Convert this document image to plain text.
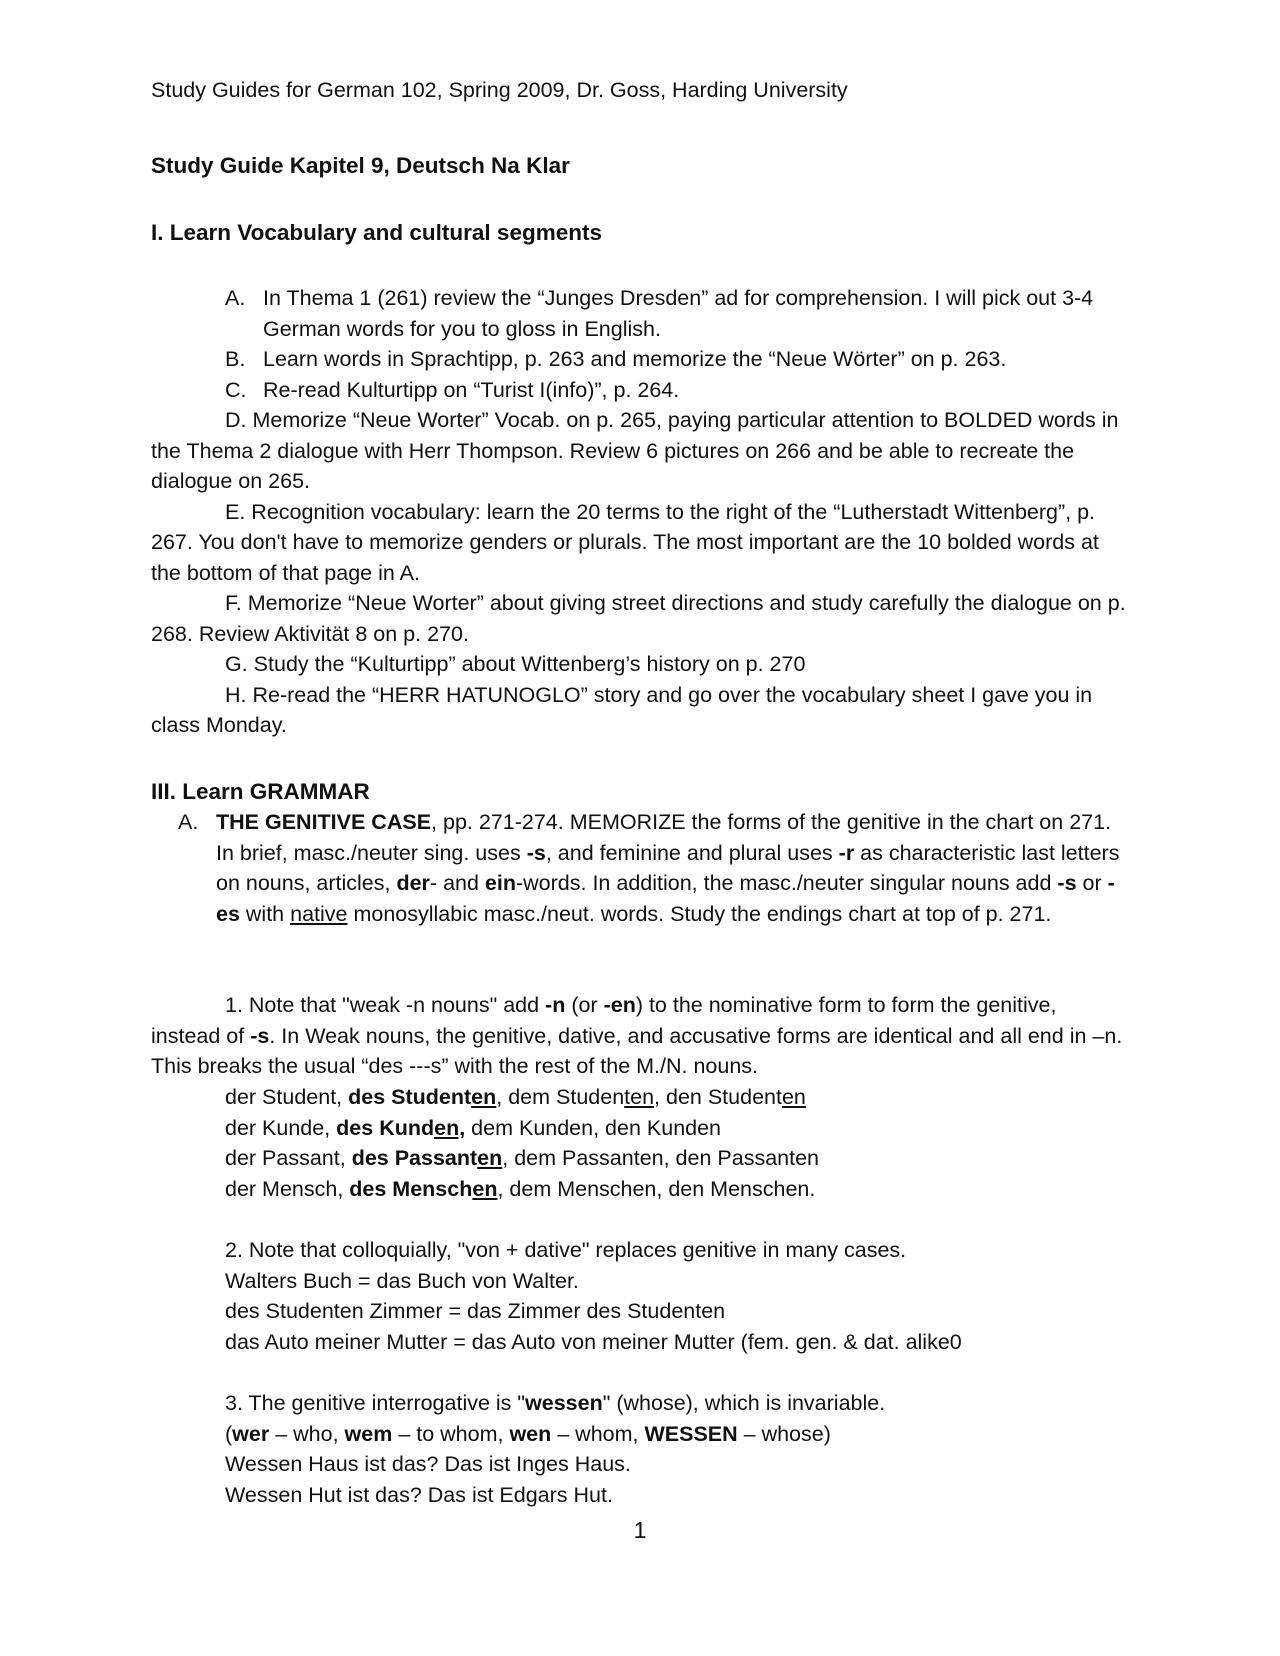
Study Guides for German 102, Spring 2009, Dr. Goss, Harding University

Study Guide Kapitel 9, Deutsch Na Klar

I. Learn Vocabulary and cultural segments

A. In Thema 1 (261) review the “Junges Dresden” ad for comprehension. I will pick out 3-4 German words for you to gloss in English.

B. Learn words in Sprachtipp, p. 263 and memorize the “Neue Wörter” on p. 263.

C. Re-read Kulturtipp on “Turist I(info)”, p. 264.

D. Memorize “Neue Worter” Vocab. on p. 265, paying particular attention to BOLDED words in the Thema 2 dialogue with Herr Thompson. Review 6 pictures on 266 and be able to recreate the dialogue on 265.

E. Recognition vocabulary: learn the 20 terms to the right of the “Lutherstadt Wittenberg”, p. 267. You don't have to memorize genders or plurals. The most important are the 10 bolded words at the bottom of that page in A.

F. Memorize “Neue Worter” about giving street directions and study carefully the dialogue on p. 268. Review Aktivität 8 on p. 270.

G. Study the “Kulturtipp” about Wittenberg’s history on p. 270

H. Re-read the “HERR HATUNOGLO” story and go over the vocabulary sheet I gave you in class Monday.

III. Learn GRAMMAR

A. THE GENITIVE CASE, pp. 271-274. MEMORIZE the forms of the genitive in the chart on 271. In brief, masc./neuter sing. uses -s, and feminine and plural uses -r as characteristic last letters on nouns, articles, der- and ein-words. In addition, the masc./neuter singular nouns add -s or -es with native monosyllabic masc./neut. words. Study the endings chart at top of p. 271.

1. Note that "weak -n nouns" add -n (or -en) to the nominative form to form the genitive, instead of -s. In Weak nouns, the genitive, dative, and accusative forms are identical and all end in –n. This breaks the usual “des ---s” with the rest of the M./N. nouns.

der Student, des Studenten, dem Studenten, den Studenten

der Kunde, des Kunden, dem Kunden, den Kunden

der Passant, des Passanten, dem Passanten, den Passanten

der Mensch, des Menschen, dem Menschen, den Menschen.

2. Note that colloquially, "von + dative" replaces genitive in many cases.

Walters Buch = das Buch von Walter.

des Studenten Zimmer = das Zimmer des Studenten

das Auto meiner Mutter = das Auto von meiner Mutter (fem. gen. & dat. alike0

3. The genitive interrogative is "wessen" (whose), which is invariable.

(wer – who, wem – to whom, wen – whom, WESSEN – whose)

Wessen Haus ist das? Das ist Inges Haus.

Wessen Hut ist das? Das ist Edgars Hut.

1
